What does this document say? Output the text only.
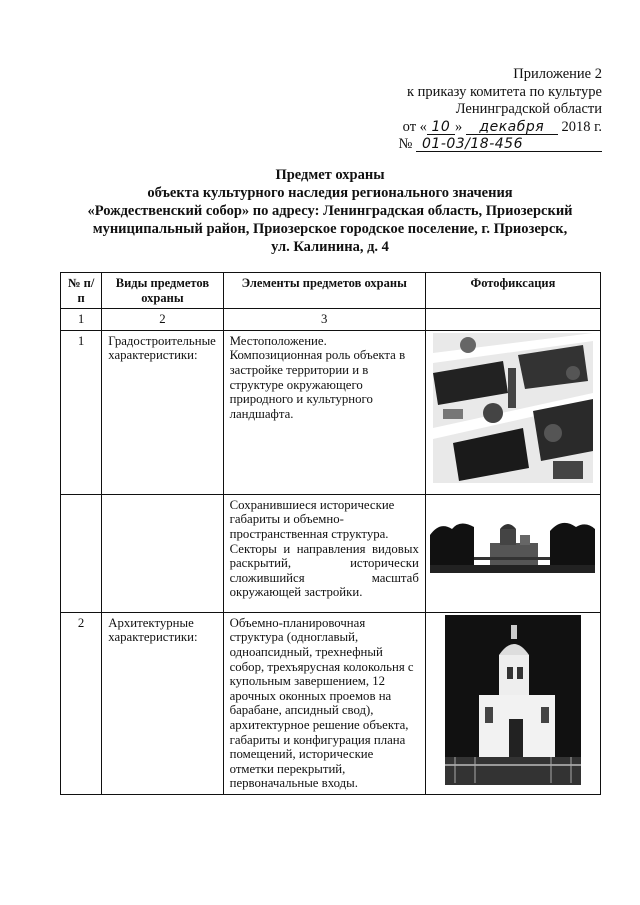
Приложение 2
к приказу комитета по культуре
Ленинградской области
от « 10 » декабря 2018 г.
№ 01-03/18-456
Предмет охраны
объекта культурного наследия регионального значения
«Рождественский собор» по адресу: Ленинградская область, Приозерский
муниципальный район, Приозерское городское поселение, г. Приозерск,
ул. Калинина, д. 4
№ п/п	Виды предметов охраны	Элементы предметов охраны	Фотофиксация
1	2	3	
1	Градостроительные характеристики:	Местоположение.
Композиционная роль объекта в застройке территории и в структуре окружающего природного и культурного ландшафта.	

		Сохранившиеся исторические габариты и объемно-пространственная структура.
Секторы и направления видовых раскрытий, исторически сложившийся масштаб окружающей застройки.

2	Архитектурные характеристики:	Объемно-планировочная структура (одноглавый, одноапсидный, трехнефный собор, трехъярусная колокольня с купольным завершением, 12 арочных оконных проемов на барабане, апсидный свод), архитектурное решение объекта, габариты и конфигурация плана помещений, исторические отметки перекрытий, первоначальные входы.	
